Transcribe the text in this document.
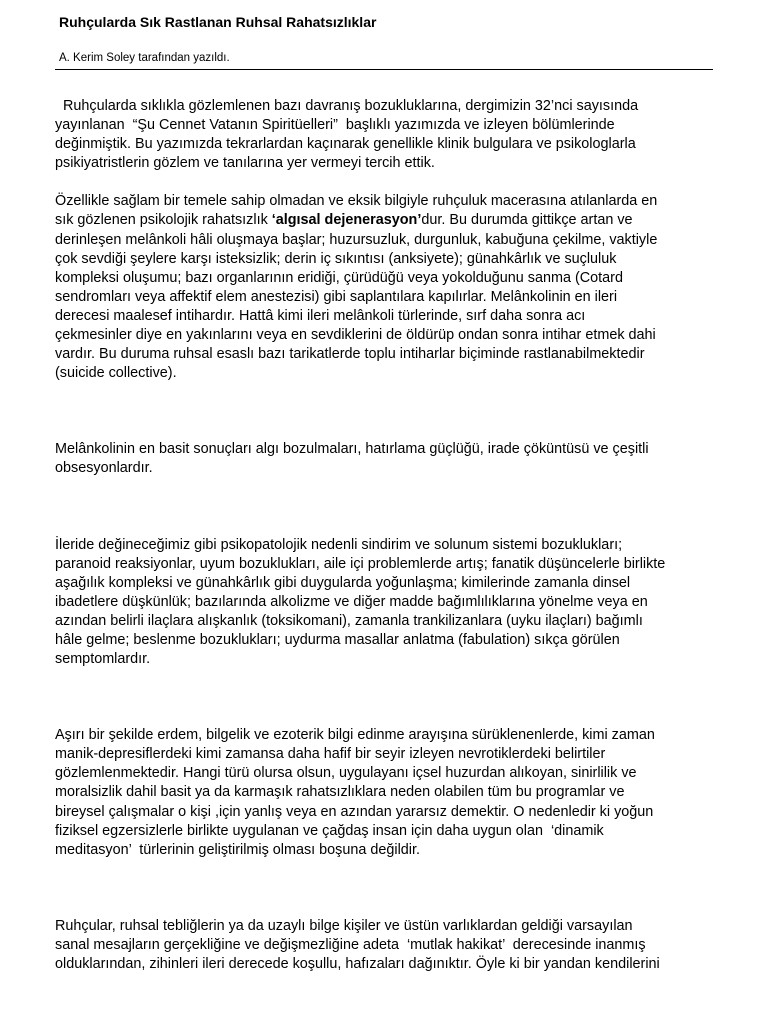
Ruhçularda Sık Rastlanan Ruhsal Rahatsızlıklar
A. Kerim Soley tarafından yazıldı.

Ruhçularda sıklıkla gözlemlenen bazı davranış bozukluklarına, dergimizin 32’nci sayısında

yayınlanan  “Şu Cennet Vatanın Spiritüelleri”  başlıklı yazımızda ve izleyen bölümlerinde

değinmiştik. Bu yazımızda tekrarlardan kaçınarak genellikle klinik bulgulara ve psikologlarla

psikiyatristlerin gözlem ve tanılarına yer vermeyi tercih ettik.

Özellikle sağlam bir temele sahip olmadan ve eksik bilgiyle ruhçuluk macerasına atılanlarda en

sık gözlenen psikolojik rahatsızlık ‘algısal dejenerasyon’dur. Bu durumda gittikçe artan ve

derinleşen melânkoli hâli oluşmaya başlar; huzursuzluk, durgunluk, kabuğuna çekilme, vaktiyle

çok sevdiği şeylere karşı isteksizlik; derin iç sıkıntısı (anksiyete); günahkârlık ve suçluluk

kompleksi oluşumu; bazı organlarının eridiği, çürüdüğü veya yokolduğunu sanma (Cotard

sendromları veya affektif elem anestezisi) gibi saplantılara kapılırlar. Melânkolinin en ileri

derecesi maalesef intihardır. Hattâ kimi ileri melânkoli türlerinde, sırf daha sonra acı

çekmesinler diye en yakınlarını veya en sevdiklerini de öldürüp ondan sonra intihar etmek dahi

vardır. Bu duruma ruhsal esaslı bazı tarikatlerde toplu intiharlar biçiminde rastlanabilmektedir

(suicide collective).

Melânkolinin en basit sonuçları algı bozulmaları, hatırlama güçlüğü, irade çöküntüsü ve çeşitli

obsesyonlardır.

İleride değineceğimiz gibi psikopatolojik nedenli sindirim ve solunum sistemi bozuklukları;

paranoid reaksiyonlar, uyum bozuklukları, aile içi problemlerde artış; fanatik düşüncelerle birlikte

aşağılık kompleksi ve günahkârlık gibi duygularda yoğunlaşma; kimilerinde zamanla dinsel

ibadetlere düşkünlük; bazılarında alkolizme ve diğer madde bağımlılıklarına yönelme veya en

azından belirli ilaçlara alışkanlık (toksikomani), zamanla trankilizanlara (uyku ilaçları) bağımlı

hâle gelme; beslenme bozuklukları; uydurma masallar anlatma (fabulation) sıkça görülen

semptomlardır.

Aşırı bir şekilde erdem, bilgelik ve ezoterik bilgi edinme arayışına sürüklenenlerde, kimi zaman

manik-depresiflerdeki kimi zamansa daha hafif bir seyir izleyen nevrotiklerdeki belirtiler

gözlemlenmektedir. Hangi türü olursa olsun, uygulayanı içsel huzurdan alıkoyan, sinirlilik ve

moralsizlik dahil basit ya da karmaşık rahatsızlıklara neden olabilen tüm bu programlar ve

bireysel çalışmalar o kişi ,için yanlış veya en azından yararsız demektir. O nedenledir ki yoğun

fiziksel egzersizlerle birlikte uygulanan ve çağdaş insan için daha uygun olan  ‘dinamik

meditasyon’  türlerinin geliştirilmiş olması boşuna değildir.

Ruhçular, ruhsal tebliğlerin ya da uzaylı bilge kişiler ve üstün varlıklardan geldiği varsayılan

sanal mesajların gerçekliğine ve değişmezliğine adeta  ‘mutlak hakikat’  derecesinde inanmış

olduklarından, zihinleri ileri derecede koşullu, hafızaları dağınıktır. Öyle ki bir yandan kendilerini
